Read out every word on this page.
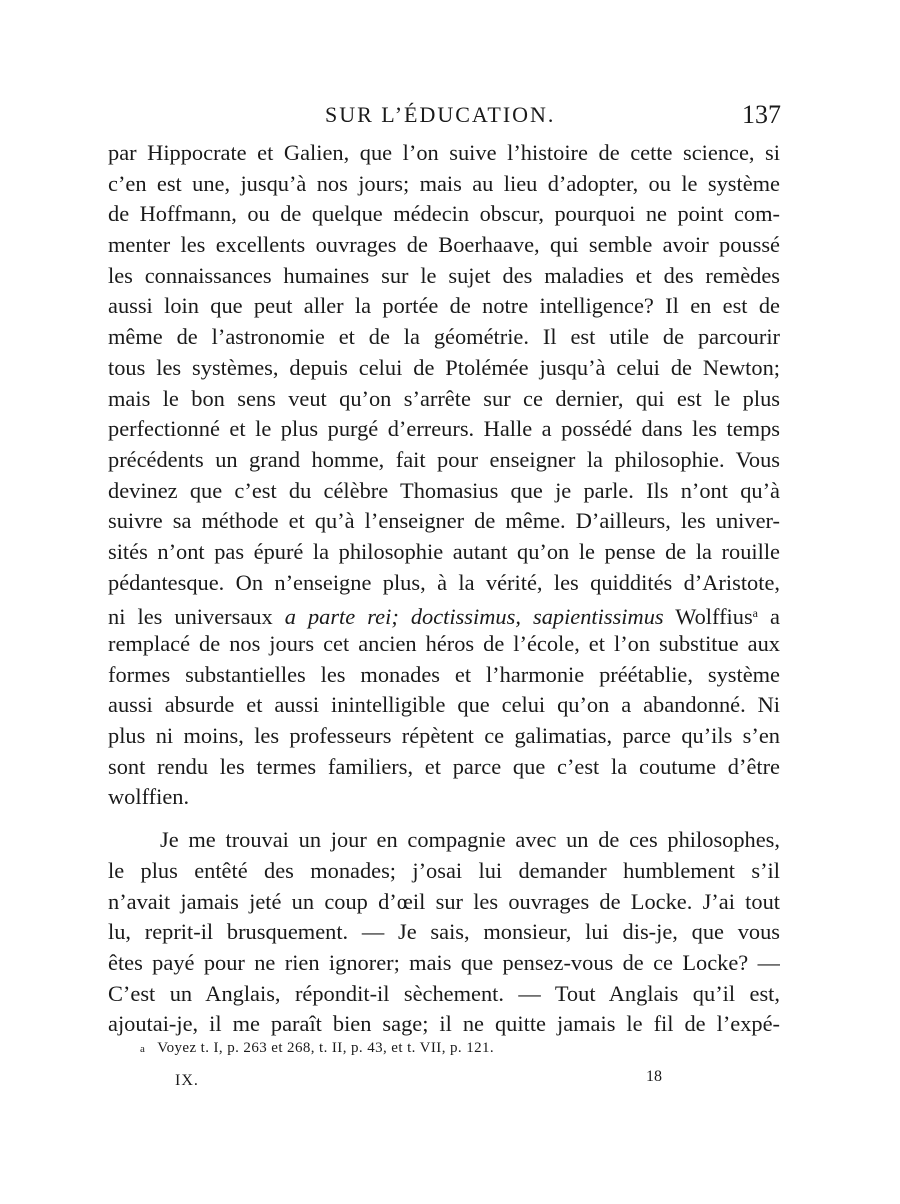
SUR L’ÉDUCATION.	137
par Hippocrate et Galien, que l’on suive l’histoire de cette science, si
c’en est une, jusqu’à nos jours; mais au lieu d’adopter, ou le système
de Hoffmann, ou de quelque médecin obscur, pourquoi ne point com-
menter les excellents ouvrages de Boerhaave, qui semble avoir poussé
les connaissances humaines sur le sujet des maladies et des remèdes
aussi loin que peut aller la portée de notre intelligence? Il en est de
même de l’astronomie et de la géométrie. Il est utile de parcourir
tous les systèmes, depuis celui de Ptolémée jusqu’à celui de Newton;
mais le bon sens veut qu’on s’arrête sur ce dernier, qui est le plus
perfectionné et le plus purgé d’erreurs. Halle a possédé dans les temps
précédents un grand homme, fait pour enseigner la philosophie. Vous
devinez que c’est du célèbre Thomasius que je parle. Ils n’ont qu’à
suivre sa méthode et qu’à l’enseigner de même. D’ailleurs, les univer-
sités n’ont pas épuré la philosophie autant qu’on le pense de la rouille
pédantesque. On n’enseigne plus, à la vérité, les quiddités d’Aristote,
ni les universaux a parte rei; doctissimus, sapientissimus Wolffius$^a$ a
remplacé de nos jours cet ancien héros de l’école, et l’on substitue aux
formes substantielles les monades et l’harmonie préétablie, système
aussi absurde et aussi inintelligible que celui qu’on a abandonné. Ni
plus ni moins, les professeurs répètent ce galimatias, parce qu’ils s’en
sont rendu les termes familiers, et parce que c’est la coutume d’être
wolffien.
Je me trouvai un jour en compagnie avec un de ces philosophes,
le plus entêté des monades; j’osai lui demander humblement s’il
n’avait jamais jeté un coup d’œil sur les ouvrages de Locke. J’ai tout
lu, reprit-il brusquement. — Je sais, monsieur, lui dis-je, que vous
êtes payé pour ne rien ignorer; mais que pensez-vous de ce Locke? —
C’est un Anglais, répondit-il sèchement. — Tout Anglais qu’il est,
ajoutai-je, il me paraît bien sage; il ne quitte jamais le fil de l’expé-
a Voyez t. I, p. 263 et 268, t. II, p. 43, et t. VII, p. 121.
IX.	18
